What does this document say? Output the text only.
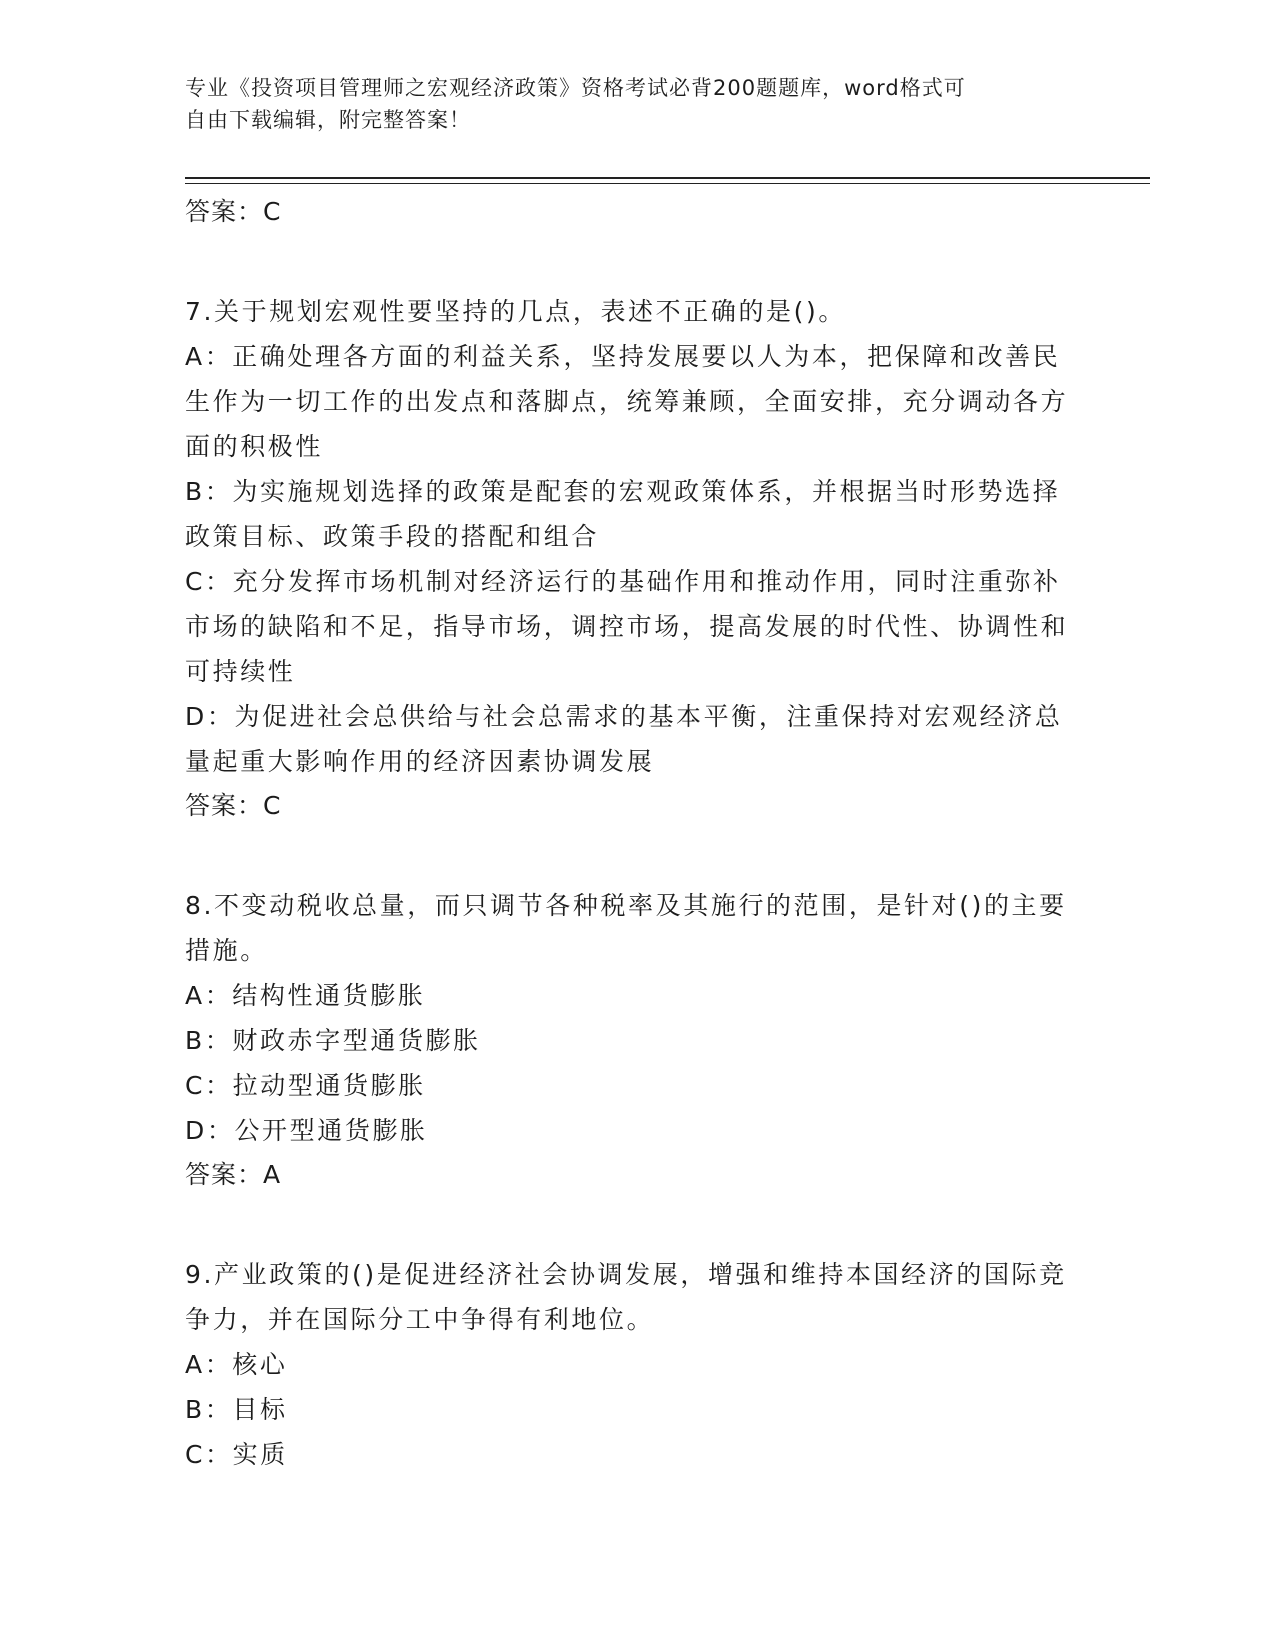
专业《投资项目管理师之宏观经济政策》资格考试必背200题题库，word格式可
自由下载编辑，附完整答案！
答案：C

7.关于规划宏观性要坚持的几点，表述不正确的是()。

A：正确处理各方面的利益关系，坚持发展要以人为本，把保障和改善民生作为一切工作的出发点和落脚点，统筹兼顾，全面安排，充分调动各方面的积极性

B：为实施规划选择的政策是配套的宏观政策体系，并根据当时形势选择政策目标、政策手段的搭配和组合

C：充分发挥市场机制对经济运行的基础作用和推动作用，同时注重弥补市场的缺陷和不足，指导市场，调控市场，提高发展的时代性、协调性和可持续性

D：为促进社会总供给与社会总需求的基本平衡，注重保持对宏观经济总量起重大影响作用的经济因素协调发展

答案：C

8.不变动税收总量，而只调节各种税率及其施行的范围，是针对()的主要措施。

A：结构性通货膨胀

B：财政赤字型通货膨胀

C：拉动型通货膨胀

D：公开型通货膨胀

答案：A

9.产业政策的()是促进经济社会协调发展，增强和维持本国经济的国际竞争力，并在国际分工中争得有利地位。

A：核心

B：目标

C：实质
